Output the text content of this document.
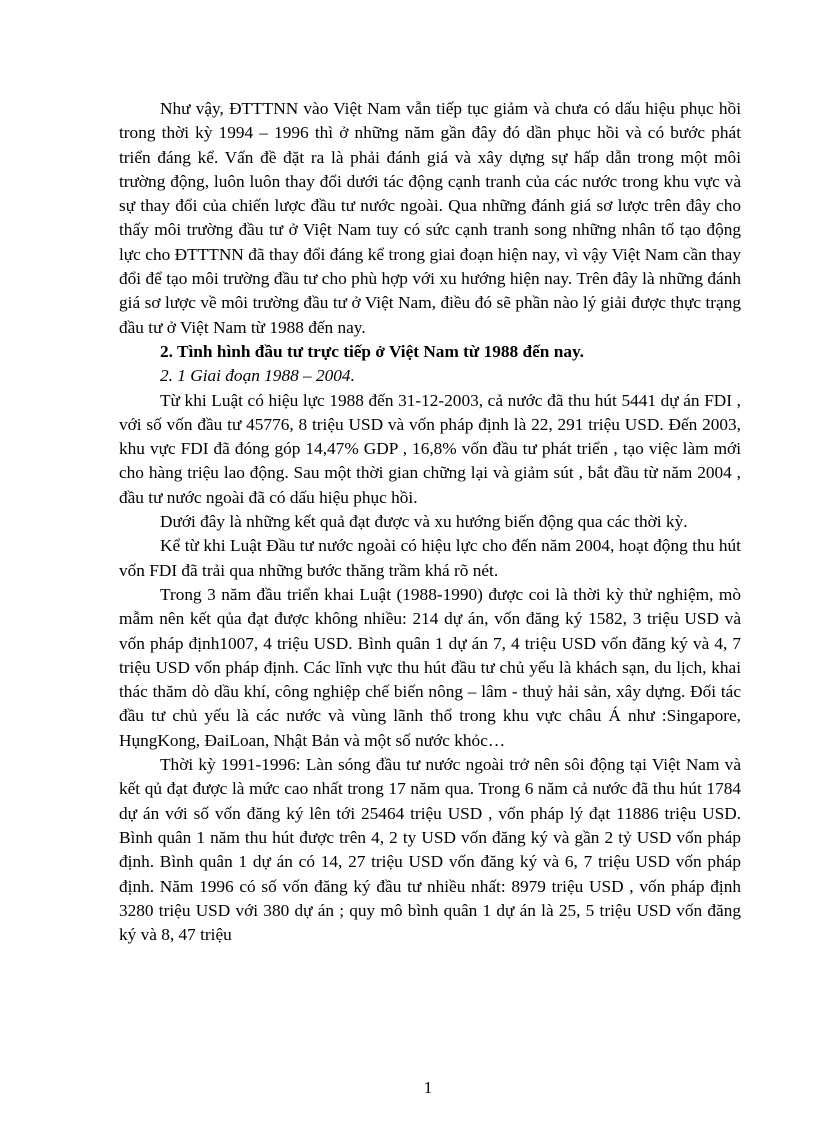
Như vậy, ĐTTTNN vào Việt Nam vẫn tiếp tục giảm và chưa có dấu hiệu phục hồi trong thời kỳ 1994 – 1996 thì ở những năm gần đây đó dần phục hồi và có bước phát triển đáng kể. Vấn đề đặt ra là phải đánh giá và xây dựng sự hấp dẫn trong một môi trường động, luôn luôn thay đổi dưới tác động cạnh tranh của các nước trong khu vực và sự thay đổi của chiến lược đầu tư nước ngoài. Qua những đánh giá sơ lược trên đây cho thấy môi trường đầu tư ở Việt Nam tuy có sức cạnh tranh song những nhân tố tạo động lực cho ĐTTTNN đã thay đổi đáng kể trong giai đoạn hiện nay, vì vậy Việt Nam cần thay đổi để tạo môi trường đầu tư cho phù hợp với xu hướng hiện nay. Trên đây là những đánh giá sơ lược về môi trường đầu tư ở Việt Nam, điều đó sẽ phần nào lý giải được thực trạng đầu tư ở Việt Nam từ 1988 đến nay.

2. Tình hình đầu tư trực tiếp ở Việt Nam từ 1988 đến nay.

2. 1 Giai đoạn 1988 – 2004.

Từ khi Luật có hiệu lực 1988 đến 31-12-2003, cả nước đã thu hút 5441 dự án FDI , với số vốn đầu tư 45776, 8 triệu USD và vốn pháp định là 22, 291 triệu USD. Đến 2003, khu vực FDI đã đóng góp 14,47% GDP , 16,8% vốn đầu tư phát triển , tạo việc làm mới cho hàng triệu lao động. Sau một thời gian chững lại và giảm sút , bắt đầu từ năm 2004 , đầu tư nước ngoài đã có dấu hiệu phục hồi.

Dưới đây là những kết quả đạt được và xu hướng biến động qua các thời kỳ.

Kể từ khi Luật Đầu tư nước ngoài có hiệu lực cho đến năm 2004, hoạt động thu hút vốn FDI đã trải qua những bước thăng trầm khá rõ nét.

Trong 3 năm đầu triển khai Luật (1988-1990) được coi là thời kỳ thử nghiệm, mò mẫm nên kết qủa đạt được không nhiều: 214 dự án, vốn đăng ký 1582, 3 triệu USD và vốn pháp định1007, 4 triệu USD. Bình quân 1 dự án 7, 4 triệu USD vốn đăng ký và 4, 7 triệu USD vốn pháp định. Các lĩnh vực thu hút đầu tư chủ yếu là khách sạn, du lịch, khai thác thăm dò dầu khí, công nghiệp chế biến nông – lâm - thuỷ hải sản, xây dựng. Đối tác đầu tư chủ yếu là các nước và vùng lãnh thổ trong khu vực châu Á như :Singapore, HụngKong, ĐaiLoan, Nhật Bản và một số nước khỏc…

Thời kỳ 1991-1996: Làn sóng đầu tư nước ngoài trở nên sôi động tại Việt Nam và kết qủ đạt được là mức cao nhất trong 17 năm qua. Trong 6 năm cả nước đã thu hút 1784 dự án với số vốn đăng ký lên tới 25464 triệu USD , vốn pháp lý đạt 11886 triệu USD. Bình quân 1 năm thu hút được trên 4, 2 ty USD vốn đăng ký và gần 2 tỷ USD vốn pháp định. Bình quân 1 dự án có 14, 27 triệu USD vốn đăng ký và 6, 7 triệu USD vốn pháp định. Năm 1996 có số vốn đăng ký đầu tư nhiều nhất: 8979 triệu USD , vốn pháp định 3280 triệu USD với 380 dự án ; quy mô bình quân 1 dự án là 25, 5 triệu USD vốn đăng ký và 8, 47 triệu

1
